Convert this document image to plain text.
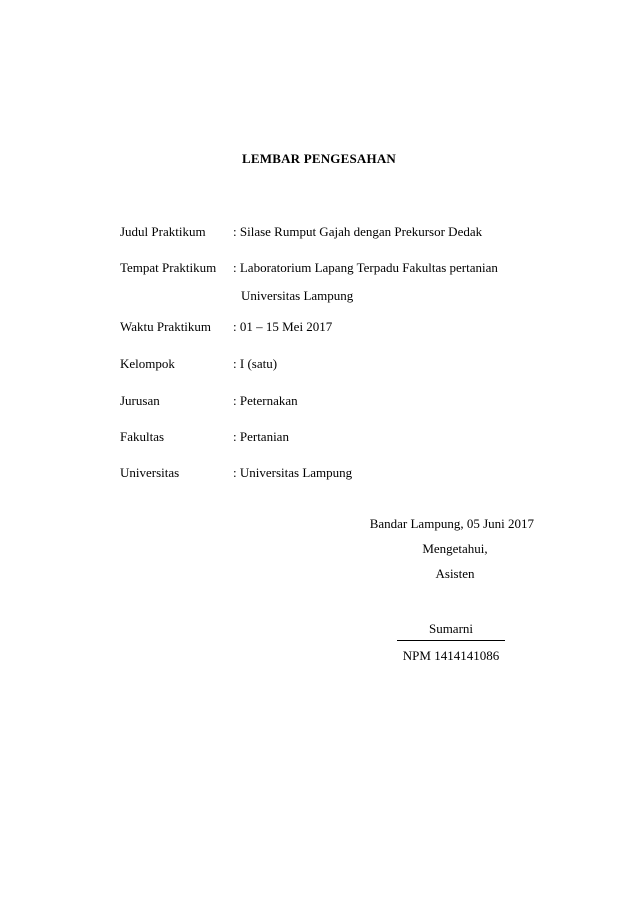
LEMBAR PENGESAHAN
Judul Praktikum : Silase Rumput Gajah dengan Prekursor Dedak
Tempat Praktikum : Laboratorium Lapang Terpadu Fakultas pertanian
Universitas Lampung
Waktu Praktikum : 01 – 15 Mei 2017
Kelompok	: I (satu)
Jurusan	: Peternakan
Fakultas	: Pertanian
Universitas	: Universitas Lampung
Bandar Lampung, 05 Juni 2017
Mengetahui,
Asisten
Sumarni
NPM 1414141086
